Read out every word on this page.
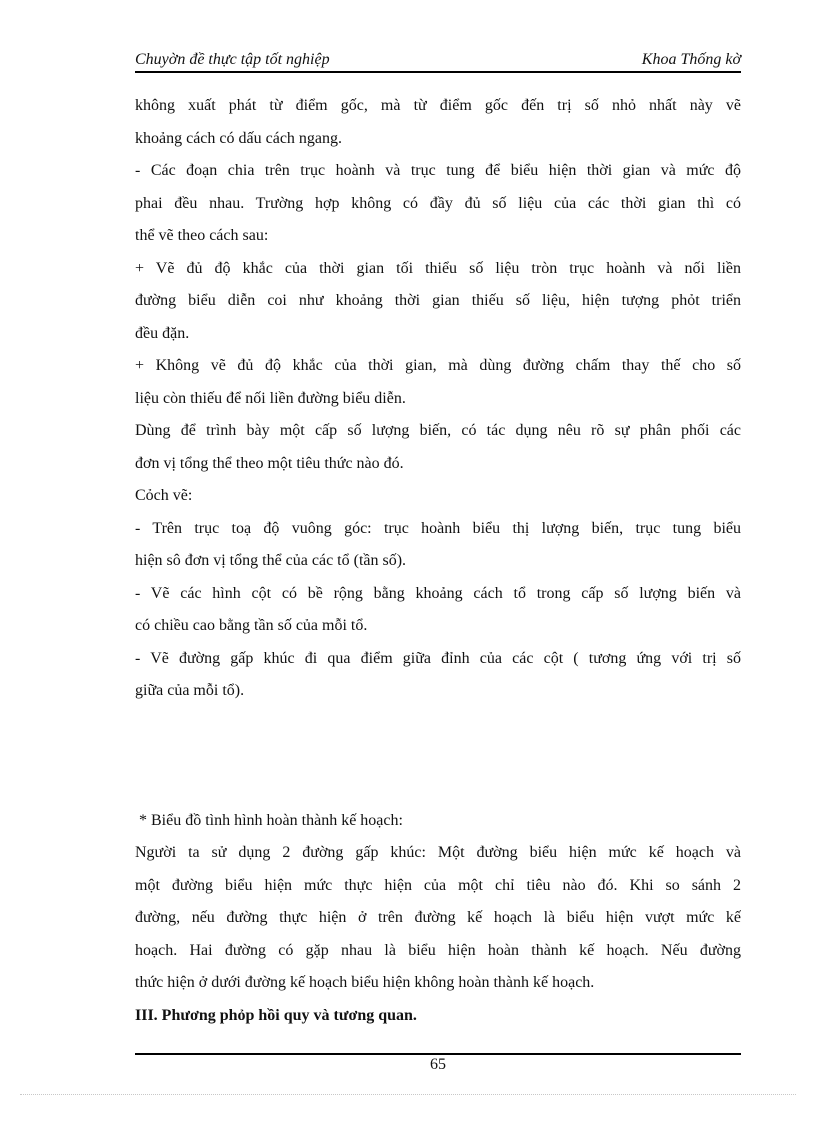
Chuyờn đề thực tập tốt nghiệp	Khoa Thống kờ
không xuất phát từ điểm gốc, mà từ điểm gốc đến trị số nhỏ nhất này vẽ
khoảng cách có dấu cách ngang.
- Các đoạn chia trên trục hoành và trục tung để biểu hiện thời gian và mức độ
phai đều nhau. Trường hợp không có đầy đủ số liệu của các thời gian thì có
thể vẽ theo cách sau:
+ Vẽ đủ độ khắc của thời gian tối thiểu số liệu tròn trục hoành và nối liền
đường biểu diễn coi như khoảng thời gian thiếu số liệu, hiện tượng phỏt triển
đều đặn.
+ Không vẽ đủ độ khắc của thời gian, mà dùng đường chấm thay thế cho số
liệu còn thiếu để nối liền đường biểu diễn.
Dùng để trình bày một cấp số lượng biến, có tác dụng nêu rõ sự phân phối các
đơn vị tổng thể theo một tiêu thức nào đó.
Cỏch vẽ:
- Trên trục toạ độ vuông góc: trục hoành biểu thị lượng biến, trục tung biểu
hiện sô đơn vị tổng thể của các tổ (tần số).
- Vẽ các hình cột có bề rộng bằng khoảng cách tổ trong cấp số lượng biến và
có chiều cao bằng tần số của mỗi tổ.
- Vẽ đường gấp khúc đi qua điểm giữa đỉnh của các cột ( tương ứng với trị số
giữa của mỗi tổ).
* Biểu đồ tình hình hoàn thành kế hoạch:
Người ta sử dụng 2 đường gấp khúc: Một đường biểu hiện mức kế hoạch và
một đường biểu hiện mức thực hiện của một chỉ tiêu nào đó. Khi so sánh 2
đường, nếu đường thực hiện ở trên đường kế hoạch là biểu hiện vượt mức kế
hoạch. Hai đường có gặp nhau là biểu hiện hoàn thành kế hoạch. Nếu đường
thức hiện ở dưới đường kế hoạch biểu hiện không hoàn thành kế hoạch.
III. Phương phỏp hồi quy và tương quan.
65
